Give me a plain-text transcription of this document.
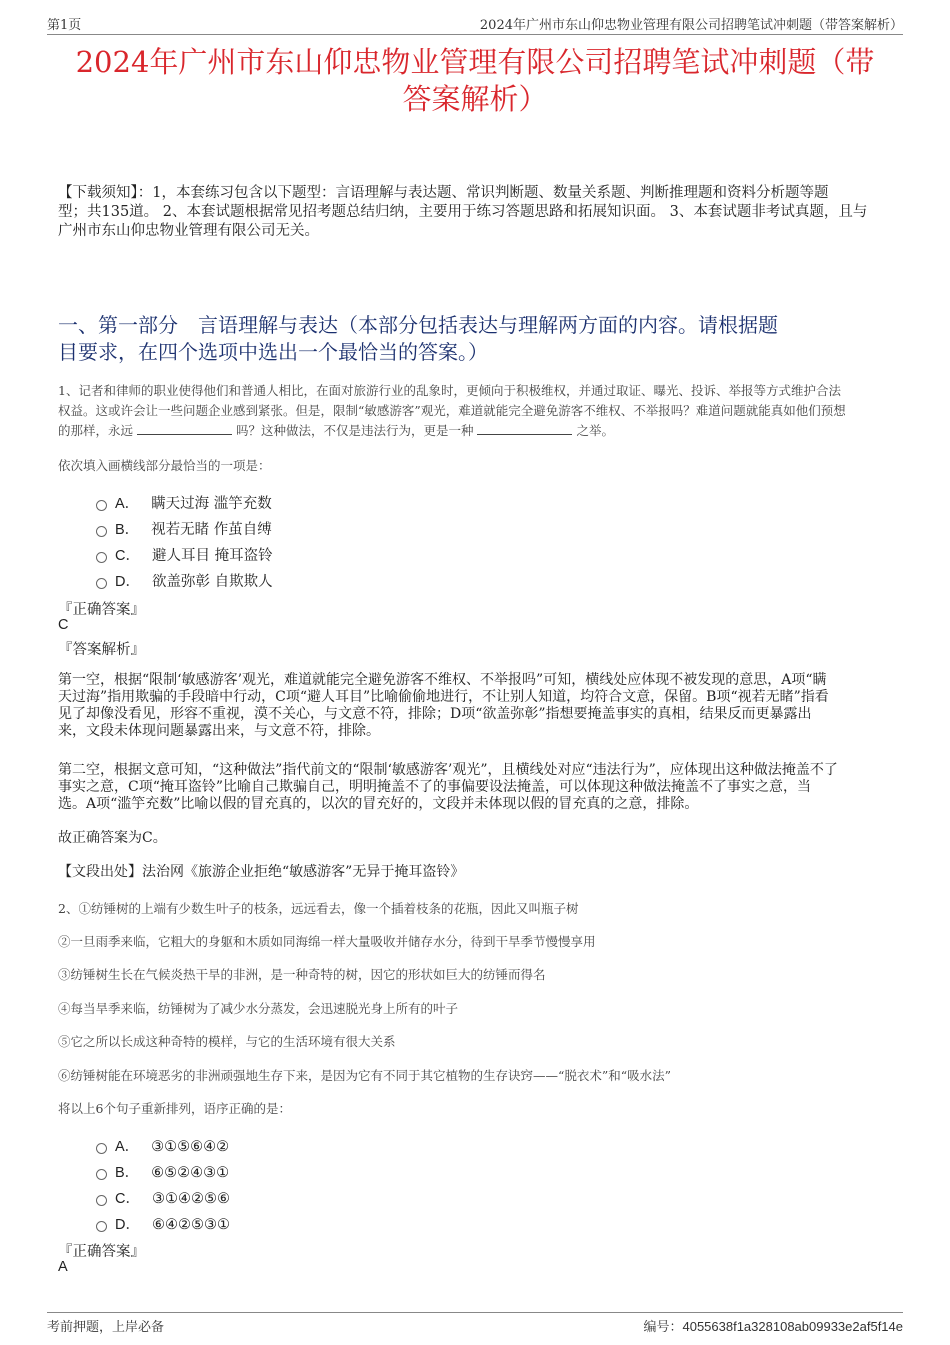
第1页	2024年广州市东山仰忠物业管理有限公司招聘笔试冲刺题（带答案解析）
2024年广州市东山仰忠物业管理有限公司招聘笔试冲刺题（带
答案解析）
【下载须知】：1，本套练习包含以下题型：言语理解与表达题、常识判断题、数量关系题、判断推理题和资料分析题等题
型；共135道。 2、本套试题根据常见招考题总结归纳，主要用于练习答题思路和拓展知识面。 3、本套试题非考试真题，且与
广州市东山仰忠物业管理有限公司无关。
一、第一部分　言语理解与表达（本部分包括表达与理解两方面的内容。请根据题
目要求，在四个选项中选出一个最恰当的答案。）
1、记者和律师的职业使得他们和普通人相比，在面对旅游行业的乱象时，更倾向于积极维权，并通过取证、曝光、投诉、举报等方式维护合法
权益。这或许会让一些问题企业感到紧张。但是，限制“敏感游客”观光，难道就能完全避免游客不维权、不举报吗？难道问题就能真如他们预想
的那样，永远	吗？这种做法，不仅是违法行为，更是一种	之举。
依次填入画横线部分最恰当的一项是：
A． 瞒天过海 滥竽充数
B． 视若无睹 作茧自缚
C． 避人耳目 掩耳盗铃
D． 欲盖弥彰 自欺欺人
『正确答案』
C
『答案解析』
第一空，根据“限制‘敏感游客’观光，难道就能完全避免游客不维权、不举报吗”可知，横线处应体现不被发现的意思，A项“瞒
天过海”指用欺骗的手段暗中行动，C项“避人耳目”比喻偷偷地进行，不让别人知道，均符合文意，保留。B项“视若无睹”指看
见了却像没看见，形容不重视，漠不关心，与文意不符，排除；D项“欲盖弥彰”指想要掩盖事实的真相，结果反而更暴露出
来，文段未体现问题暴露出来，与文意不符，排除。
第二空，根据文意可知，“这种做法”指代前文的“限制‘敏感游客’观光”，且横线处对应“违法行为”，应体现出这种做法掩盖不了
事实之意，C项“掩耳盗铃”比喻自己欺骗自己，明明掩盖不了的事偏要设法掩盖，可以体现这种做法掩盖不了事实之意，当
选。A项“滥竽充数”比喻以假的冒充真的，以次的冒充好的，文段并未体现以假的冒充真的之意，排除。
故正确答案为C。
【文段出处】法治网《旅游企业拒绝“敏感游客”无异于掩耳盗铃》
2、①纺锤树的上端有少数生叶子的枝条，远远看去，像一个插着枝条的花瓶，因此又叫瓶子树
②一旦雨季来临，它粗大的身躯和木质如同海绵一样大量吸收并储存水分，待到干旱季节慢慢享用
③纺锤树生长在气候炎热干旱的非洲，是一种奇特的树，因它的形状如巨大的纺锤而得名
④每当旱季来临，纺锤树为了减少水分蒸发，会迅速脱光身上所有的叶子
⑤它之所以长成这种奇特的模样，与它的生活环境有很大关系
⑥纺锤树能在环境恶劣的非洲顽强地生存下来，是因为它有不同于其它植物的生存诀窍——“脱衣术”和“吸水法”
将以上6个句子重新排列，语序正确的是：
A． ③①⑤⑥④②
B． ⑥⑤②④③①
C． ③①④②⑤⑥
D． ⑥④②⑤③①
『正确答案』
A
考前押题，上岸必备	编号：4055638f1a328108ab09933e2af5f14e
